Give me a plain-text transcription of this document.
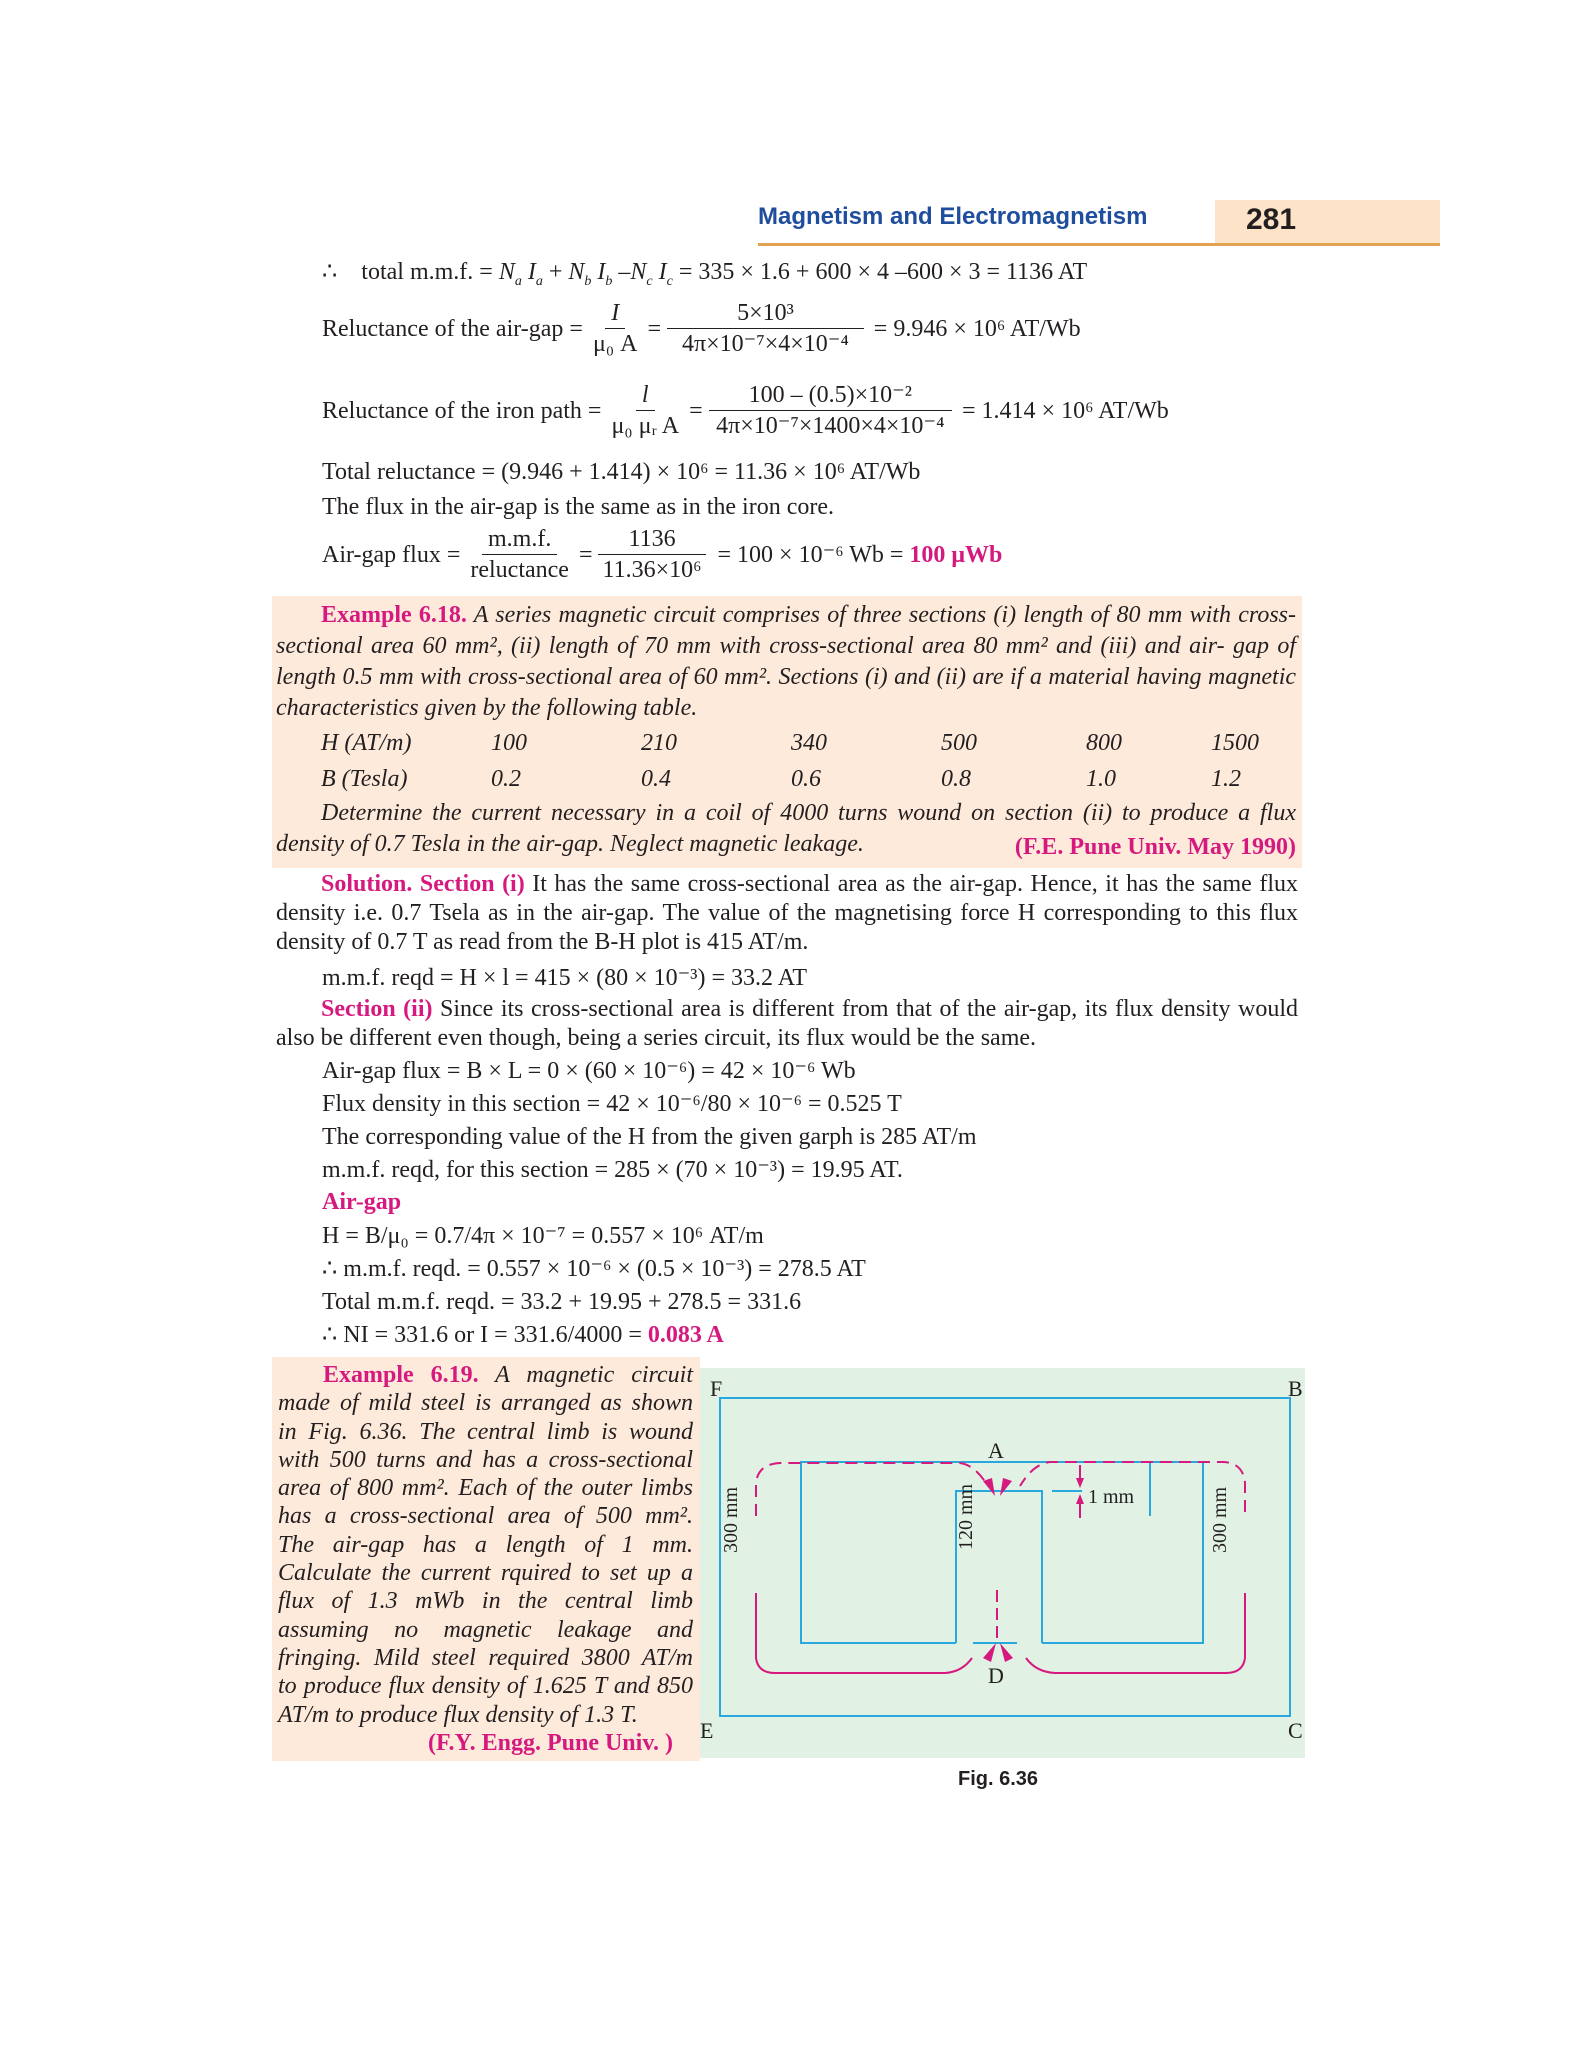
Magnetism and Electromagnetism	281
∴ total m.m.f. = $N_a$ $I_a + N_b$ $I_b$ $-N_c$ $I_c = 335 \times 1.6 + 600 \times 4$ –600 × 3 = 1136 AT
Reluctance of the $air-gap = \frac{I}{\text{μ₀ A}} = \frac{\text{5×10³}}{\text{4π×10⁻⁷×4×10⁻⁴}}$
= 9.946 × 10⁶ AT/Wb
Reluctance of the iron path = $\frac{l}{\text{μ₀ μᵣ A}} = \frac{\text{100 – (0.5)×10⁻²}}{\text{4π×10⁻⁷×1400×4×10⁻⁴}}$
= 1.414 × 10⁶ AT/Wb
Total reluctance = (9.946 + 1.414) × 10⁶ = 11.36 × 10⁶ AT/Wb
The flux in the air-gap is the same as in the iron core.
Air-gap flux = $\frac{m.m.f.}{\text{reluctance}} = \frac{1136}{\text{11.36×10⁶}}$
= 100 × 10⁻⁶ Wb =
100 μWb
Example 6.18. A series magnetic circuit comprises of three sections (i) length of 80 mm with cross-sectional area 60 mm², (ii) length of 70 mm with cross-sectional area 80 mm² and (iii) and air- gap of length 0.5 mm with cross-sectional area of 60 mm². Sections (i) and (ii) are if a material having magnetic characteristics given by the following table.
H (AT/m)	100	210	340	500	800	1500
B (Tesla)	0.2	0.4	0.6	0.8	1.0	1.2
Determine the current necessary in a coil of 4000 turns wound on section (ii) to produce a flux density of 0.7 Tesla in the air-gap. Neglect magnetic leakage.	(F.E. Pune Univ. May 1990)
Solution. Section (i) It has the same cross-sectional area as the air-gap. Hence, it has the same flux density i.e. 0.7 Tsela as in the air-gap. The value of the magnetising force H corresponding to this flux density of 0.7 T as read from the B-H plot is 415 AT/m.
m.m.f. reqd = H × l = 415 × (80 × 10⁻³) = 33.2 AT
Section (ii) Since its cross-sectional area is different from that of the air-gap, its flux density would also be different even though, being a series circuit, its flux would be the same.
Air-gap flux = B × L = 0 × (60 × 10⁻⁶) = 42 × 10⁻⁶ Wb
Flux density in this section = 42 × 10⁻⁶/80 × 10⁻⁶ = 0.525 T
The corresponding value of the H from the given garph is 285 AT/m
m.m.f. reqd, for this section = 285 × (70 × 10⁻³) = 19.95 AT.
Air-gap
H = B/μ₀ = 0.7/4π × 10⁻⁷ = 0.557 × 10⁶ AT/m
∴ m.m.f. reqd. = 0.557 × 10⁻⁶ × (0.5 × 10⁻³) = 278.5 AT
Total m.m.f. reqd. = 33.2 + 19.95 + 278.5 = 331.6
∴ NI = 331.6 or I = 331.6/4000 = 0.083 A
Example 6.19. A magnetic circuit
made of mild steel is arranged as shown
in Fig. 6.36. The central limb is wound
with 500 turns and has a cross-sectional
area of 800 mm². Each of the outer limbs
has a cross-sectional area of 500 mm².
The air-gap has a length of 1 mm.
Calculate the current rquired to set up a
flux of 1.3 mWb in the central limb
assuming no magnetic leakage and
fringing. Mild steel required 3800 AT/m
to produce flux density of 1.625 T and 850
AT/m to produce flux density of 1.3 T.
(F.Y. Engg. Pune Univ. )
F	B
E	C
A
D
1 mm
300 mm	120 mm	300 mm
Fig. 6.36
